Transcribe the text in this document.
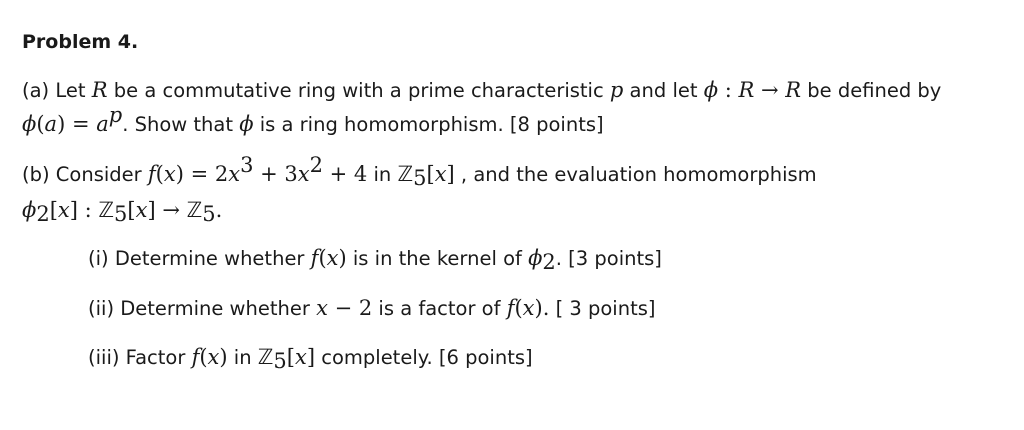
Problem 4.
(a) Let R be a commutative ring with a prime characteristic p and let ϕ : R → R be defined by
$\phi(a) = a^p$. Show that ϕ is a ring homomorphism. [8 points]
(b) Consider $f(x) = 2x^3 + 3x^2 + 4$ in ℤ$_5$[x] , and the evaluation homomorphism
$\phi_2[x]$ : ℤ$_5$[x] → ℤ$_5$.
(i) Determine whether f(x) is in the kernel of $\phi_2$. [3 points]
(ii) Determine whether x − 2 is a factor of f(x). [ 3 points]
(iii) Factor f(x) in ℤ$_5$[x] completely. [6 points]
